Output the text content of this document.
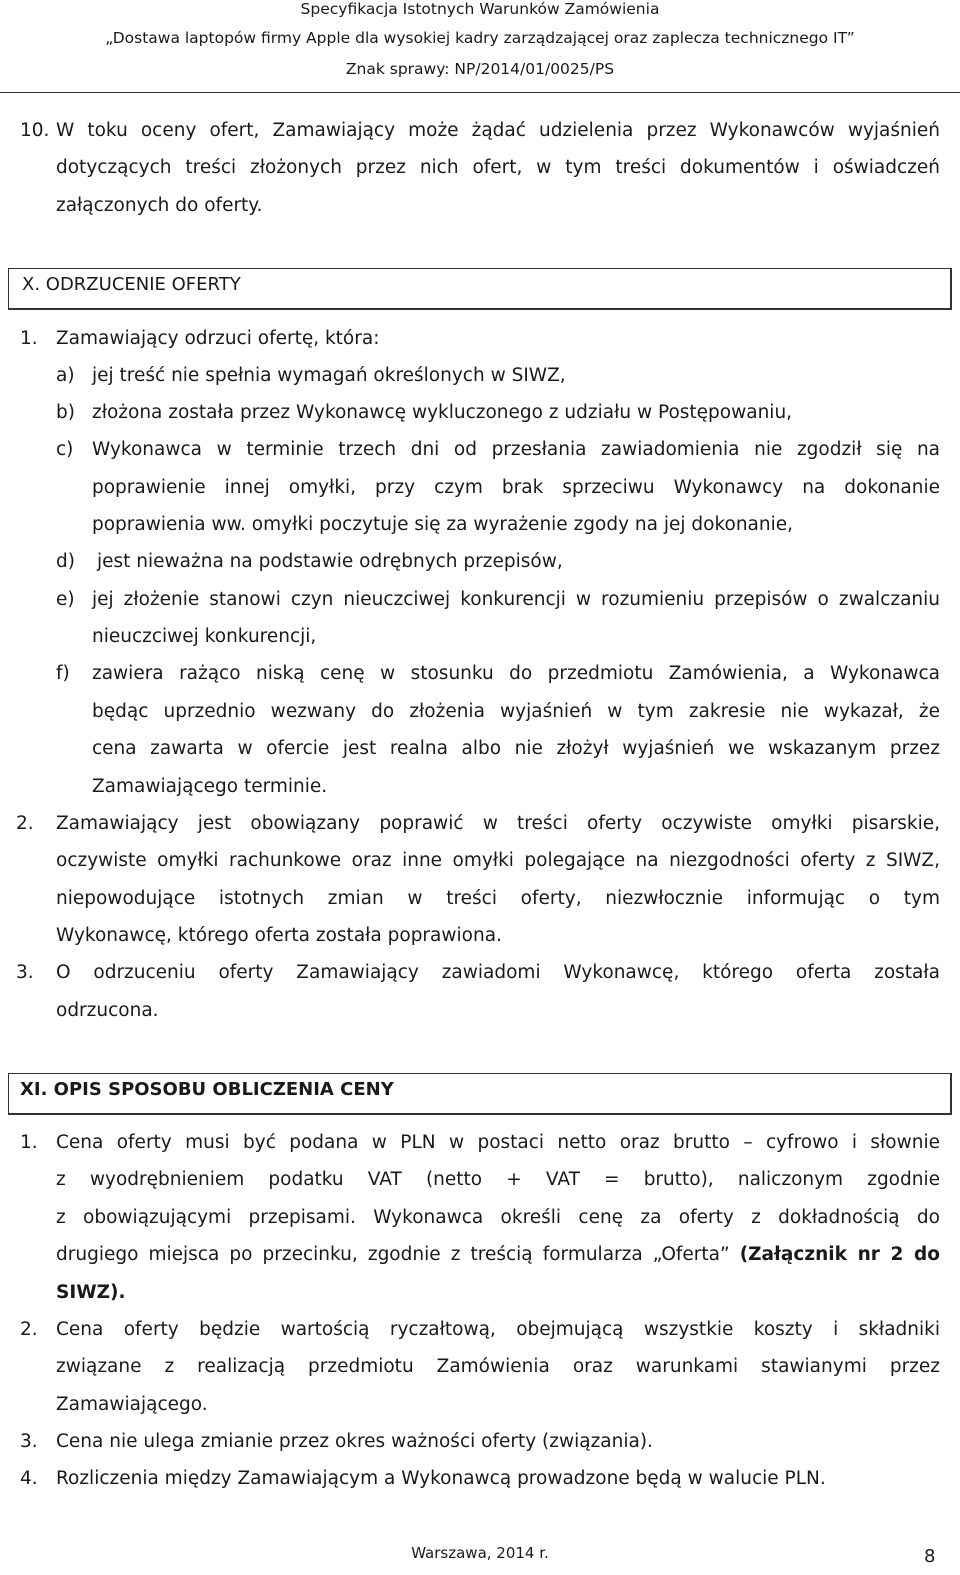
Specyfikacja Istotnych Warunków Zamówienia
„Dostawa laptopów firmy Apple dla wysokiej kadry zarządzającej oraz zaplecza technicznego IT”
Znak sprawy: NP/2014/01/0025/PS
10. W toku oceny ofert, Zamawiający może żądać udzielenia przez Wykonawców wyjaśnień
dotyczących treści złożonych przez nich ofert, w tym treści dokumentów i oświadczeń
załączonych do oferty.
X. ODRZUCENIE OFERTY
1. Zamawiający odrzuci ofertę, która:
a) jej treść nie spełnia wymagań określonych w SIWZ,
b) złożona została przez Wykonawcę wykluczonego z udziału w Postępowaniu,
c) Wykonawca w terminie trzech dni od przesłania zawiadomienia nie zgodził się na
poprawienie innej omyłki, przy czym brak sprzeciwu Wykonawcy na dokonanie
poprawienia ww. omyłki poczytuje się za wyrażenie zgody na jej dokonanie,
d) jest nieważna na podstawie odrębnych przepisów,
e) jej złożenie stanowi czyn nieuczciwej konkurencji w rozumieniu przepisów o zwalczaniu
nieuczciwej konkurencji,
f) zawiera rażąco niską cenę w stosunku do przedmiotu Zamówienia, a Wykonawca
będąc uprzednio wezwany do złożenia wyjaśnień w tym zakresie nie wykazał, że
cena zawarta w ofercie jest realna albo nie złożył wyjaśnień we wskazanym przez
Zamawiającego terminie.
2. Zamawiający jest obowiązany poprawić w treści oferty oczywiste omyłki pisarskie,
oczywiste omyłki rachunkowe oraz inne omyłki polegające na niezgodności oferty z SIWZ,
niepowodujące istotnych zmian w treści oferty, niezwłocznie informując o tym
Wykonawcę, którego oferta została poprawiona.
3. O odrzuceniu oferty Zamawiający zawiadomi Wykonawcę, którego oferta została
odrzucona.
XI. OPIS SPOSOBU OBLICZENIA CENY
1. Cena oferty musi być podana w PLN w postaci netto oraz brutto – cyfrowo i słownie
z wyodrębnieniem podatku VAT (netto + VAT = brutto), naliczonym zgodnie
z obowiązującymi przepisami. Wykonawca określi cenę za oferty z dokładnością do
drugiego miejsca po przecinku, zgodnie z treścią formularza „Oferta” (Załącznik nr 2 do
SIWZ).
2. Cena oferty będzie wartością ryczałtową, obejmującą wszystkie koszty i składniki
związane z realizacją przedmiotu Zamówienia oraz warunkami stawianymi przez
Zamawiającego.
3. Cena nie ulega zmianie przez okres ważności oferty (związania).
4. Rozliczenia między Zamawiającym a Wykonawcą prowadzone będą w walucie PLN.
Warszawa, 2014 r.	8
